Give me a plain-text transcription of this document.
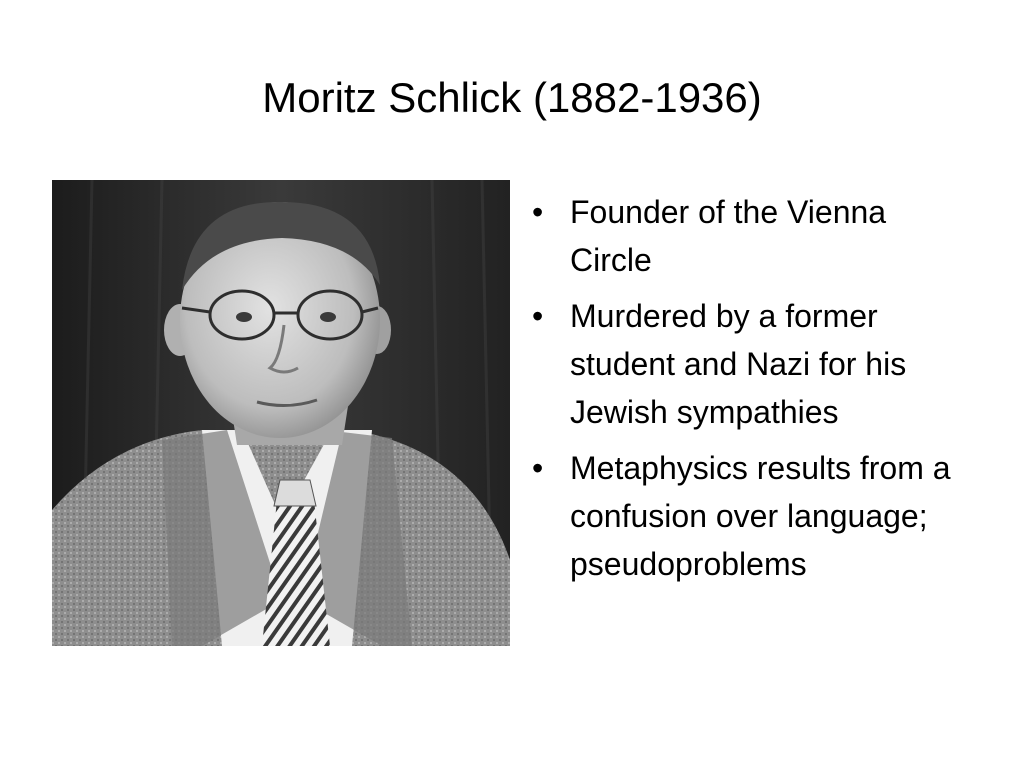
Moritz Schlick (1882-1936)
• Founder of the Vienna Circle
• Murdered by a former student and Nazi for his Jewish sympathies
• Metaphysics results from a confusion over language; pseudoproblems
